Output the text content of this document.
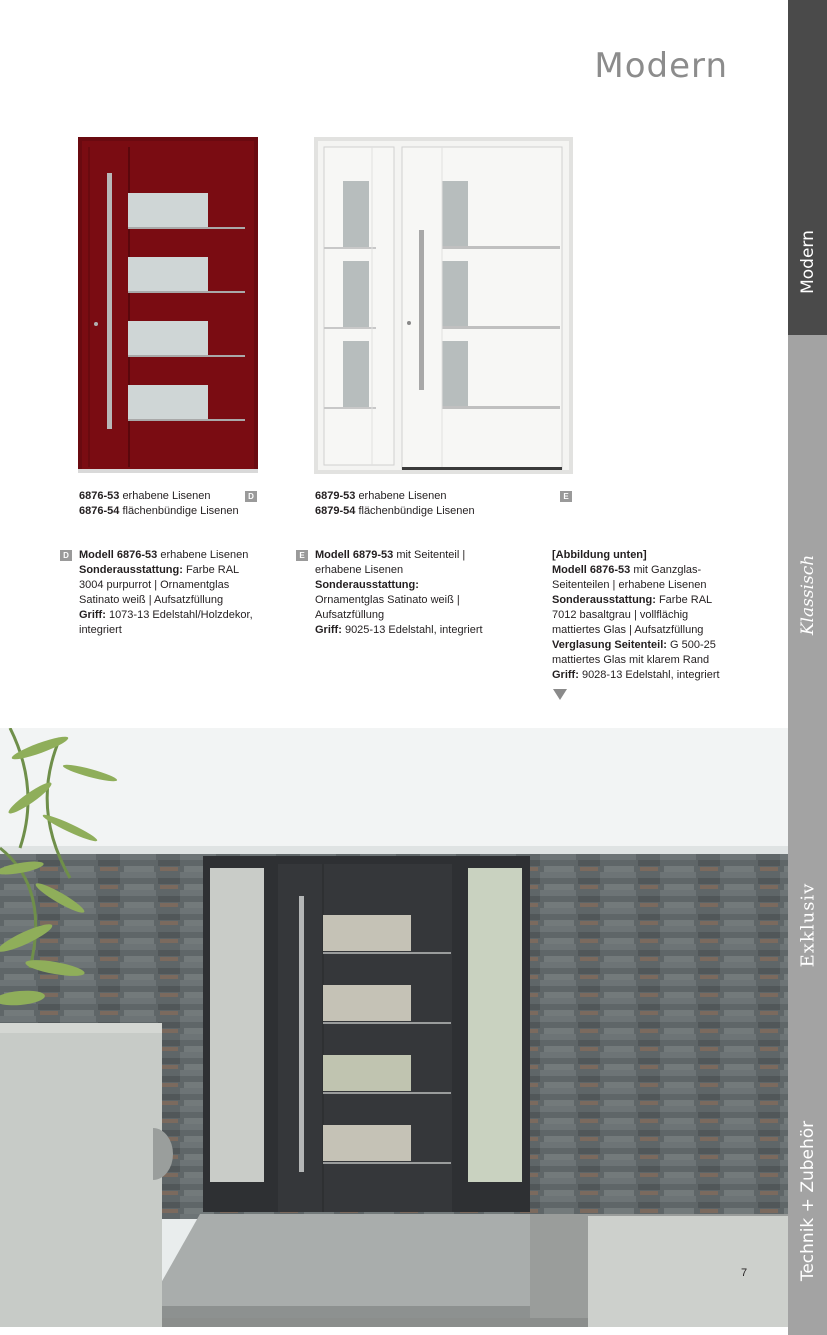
Modern
6876-53 erhabene Lisenen
6876-54 flächenbündige Lisenen
D	6879-53 erhabene Lisenen
6879-54 flächenbündige Lisenen
E
D Modell 6876-53 erhabene Lisenen
Sonderausstattung: Farbe RAL 3004 purpurrot | Ornamentglas Satinato weiß | Aufsatzfüllung
Griff: 1073-13 Edelstahl/Holzdekor, integriert
E Modell 6879-53 mit Seitenteil | erhabene Lisenen
Sonderausstattung: Ornamentglas Satinato weiß | Aufsatzfüllung
Griff: 9025-13 Edelstahl, integriert
[Abbildung unten]
Modell 6876-53 mit Ganzglas-Seitenteilen | erhabene Lisenen
Sonderausstattung: Farbe RAL 7012 basaltgrau | vollflächig mattiertes Glas | Aufsatzfüllung
Verglasung Seitenteil: G 500-25 mattiertes Glas mit klarem Rand
Griff: 9028-13 Edelstahl, integriert
7
Modern
Klassisch
Exklusiv
Technik + Zubehör
